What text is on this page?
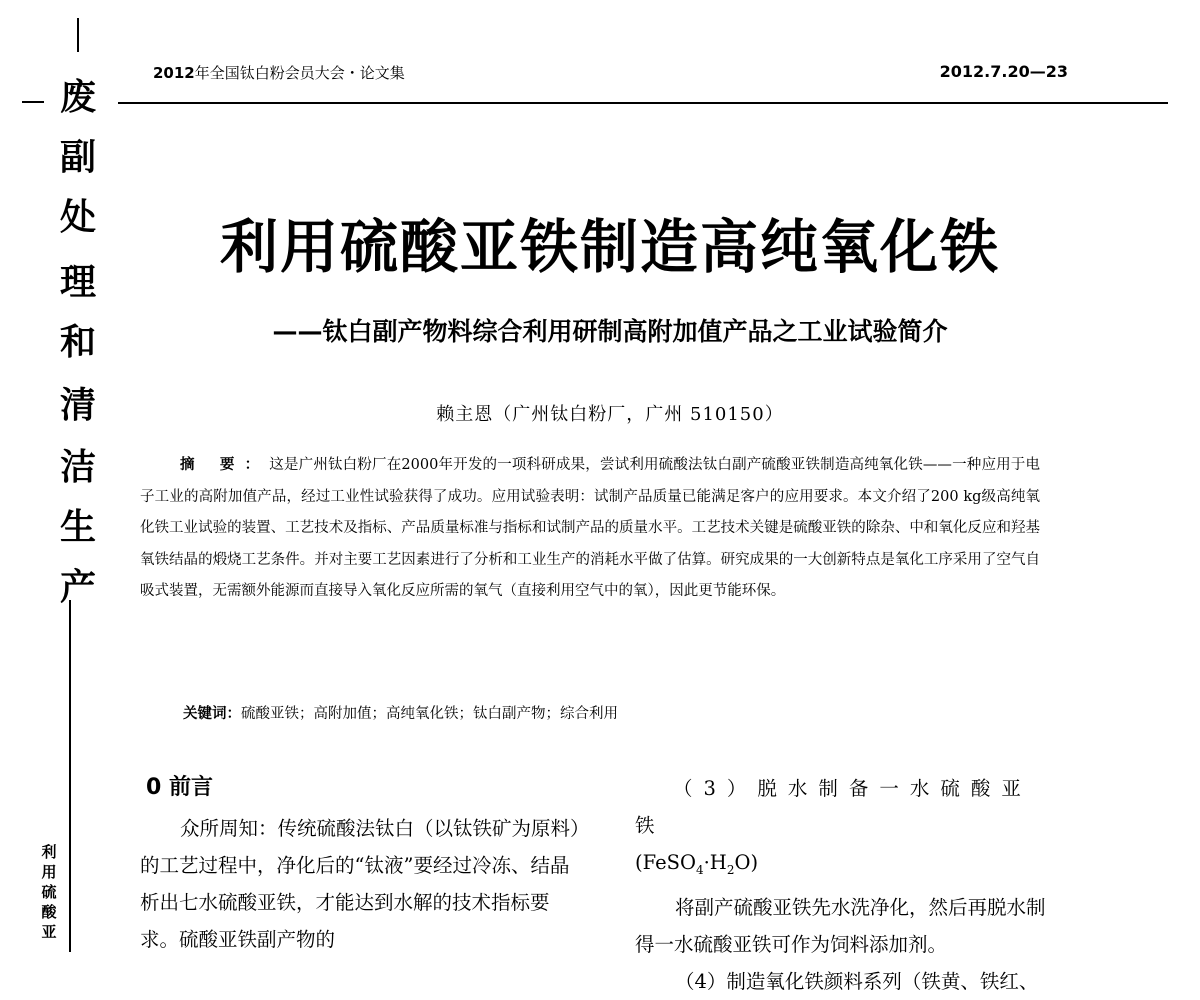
废
副
处
理
和
清
洁
生
产
利
用
硫
酸
亚
2012年全国钛白粉会员大会・论文集	2012.7.20—23
利用硫酸亚铁制造高纯氧化铁
——钛白副产物料综合利用研制高附加值产品之工业试验简介
赖主恩（广州钛白粉厂，广州 510150）
摘 要：这是广州钛白粉厂在2000年开发的一项科研成果，尝试利用硫酸法钛白副产硫酸亚铁制造高纯氧化铁——一种应用于电子工业的高附加值产品，经过工业性试验获得了成功。应用试验表明：试制产品质量已能满足客户的应用要求。本文介绍了200 kg级高纯氧化铁工业试验的装置、工艺技术及指标、产品质量标准与指标和试制产品的质量水平。工艺技术关键是硫酸亚铁的除杂、中和氧化反应和羟基氧铁结晶的煅烧工艺条件。并对主要工艺因素进行了分析和工业生产的消耗水平做了估算。研究成果的一大创新特点是氧化工序采用了空气自吸式装置，无需额外能源而直接导入氧化反应所需的氧气（直接利用空气中的氧），因此更节能环保。
关键词：硫酸亚铁；高附加值；高纯氧化铁；钛白副产物；综合利用
0 前言
众所周知：传统硫酸法钛白（以钛铁矿为原料）的工艺过程中，净化后的“钛液”要经过冷冻、结晶析出七水硫酸亚铁，才能达到水解的技术指标要求。硫酸亚铁副产物的

（3）脱水制备一水硫酸亚铁

$(FeSO_4\cdot H_2O)$

将副产硫酸亚铁先水洗净化，然后再脱水制得一水硫酸亚铁可作为饲料添加剂。

（4）制造氧化铁颜料系列（铁黄、铁红、
